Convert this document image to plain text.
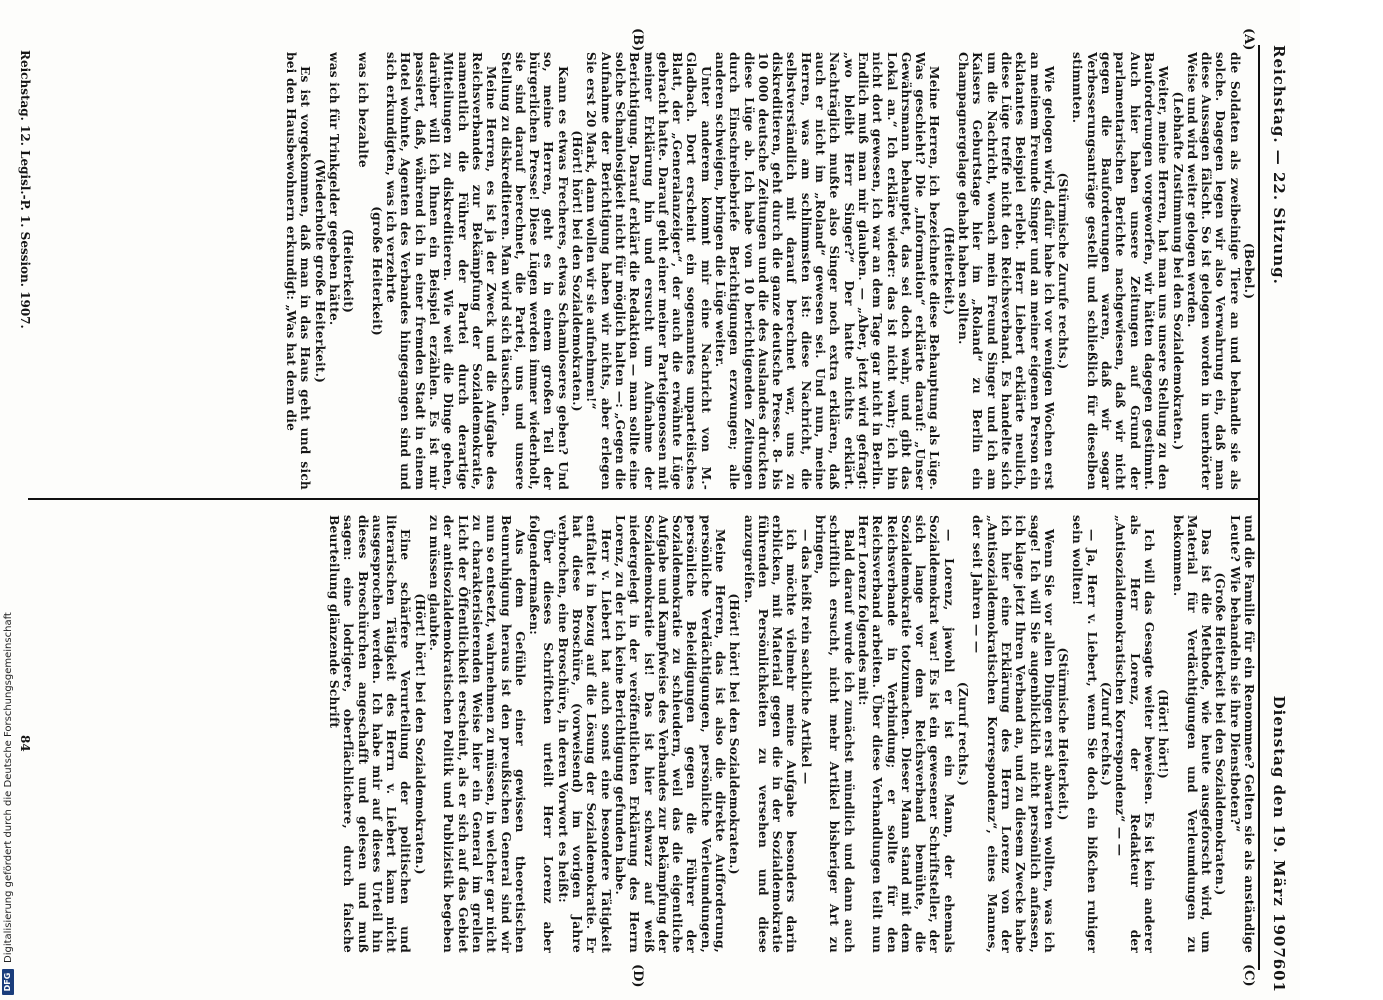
Reichstag. — 22. Sitzung.
Dienstag den 19. März 1907.
601
(A)
(C)
(B)
(D)

(Bebel.)

die Soldaten als zweibeinige Tiere an und behandle sie als solche. Dagegen legen wir also Verwahrung ein, daß man diese Aussagen fälscht. So ist gelogen worden in unerhörter Weise und wird weiter gelogen werden.

(Lebhafte Zustimmung bei den Sozialdemokraten.)

Weiter, meine Herren, hat man uns unsere Stellung zu den Bauforderungen vorgeworfen, wir hätten dagegen gestimmt. Auch hier haben unsere Zeitungen auf Grund der parlamentarischen Berichte nachgewiesen, daß wir nicht gegen die Bauforderungen waren, daß wir sogar Verbesserungsanträge gestellt und schließlich für dieselben stimmten.

(Stürmische Zurufe rechts.)

Wie gelogen wird, dafür habe ich vor wenigen Wochen erst an meinem Freunde Singer und an meiner eigenen Person ein eklatantes Beispiel erlebt. Herr Liebert erklärte neulich, diese Lüge treffe nicht den Reichsverband. Es handelte sich um die Nachricht, wonach mein Freund Singer und ich am Kaisers Geburtstage hier im „Roland“ zu Berlin ein Champagnergelage gehabt haben sollten.

(Heiterkeit.)

Meine Herren, ich bezeichnete diese Behauptung als Lüge. Was geschieht? Die „Information“ erklärte darauf: „Unser Gewährsmann behauptet, das sei doch wahr, und gibt das Lokal an.“ Ich erkläre wieder: das ist nicht wahr; ich bin nicht dort gewesen, ich war an dem Tage gar nicht in Berlin. Endlich muß man mir glauben. — „Aber, jetzt wird gefragt: „wo bleibt Herr Singer?“ Der hatte nichts erklärt. Nachträglich mußte also Singer noch extra erklären, daß auch er nicht im „Roland“ gewesen sei. Und nun, meine Herren, was am schlimmsten ist: diese Nachricht, die selbstverständlich mit darauf berechnet war, uns zu diskreditieren, geht durch die ganze deutsche Presse. 8- bis 10 000 deutsche Zeitungen und die des Auslandes druckten diese Lüge ab. Ich habe von 10 berichtigenden Zeitungen durch Einschreibebriefe Berichtigungen erzwungen; alle anderen schweigen, bringen die Lüge weiter.

Unter anderem kommt mir eine Nachricht von M.-Gladbach. Dort erscheint ein sogenanntes unparteiisches Blatt, der „Generalanzeiger“, der auch die erwähnte Lüge gebracht hatte. Darauf geht einer meiner Parteigenossen mit meiner Erklärung hin und ersucht um Aufnahme der Berichtigung. Darauf erklärt die Redaktion — man sollte eine solche Schamlosigkeit nicht für möglich halten —: „Gegen die Aufnahme der Berichtigung haben wir nichts, aber erlegen Sie erst 20 Mark, dann wollen wir sie aufnehmen!“

(Hört! hört! bei den Sozialdemokraten.)

Kann es etwas Frecheres, etwas Schamloseres geben? Und so, meine Herren, geht es in einem großen Teil der bürgerlichen Presse! Diese Lügen werden immer wiederholt, sie sind darauf berechnet, die Partei, uns und unsere Stellung zu diskreditieren. Man wird sich täuschen.

Meine Herren, es ist ja der Zweck und die Aufgabe des Reichsverbandes zur Bekämpfung der Sozialdemokratie, namentlich die Führer der Partei durch derartige Mitteilungen zu diskreditieren. Wie weit die Dinge gehen, darüber will ich Ihnen ein Beispiel erzählen. Es ist mir passiert, daß, während ich in einer fremden Stadt in einem Hotel wohnte, Agenten des Verbandes hingegangen sind und sich erkundigten, was ich verzehrte

(große Heiterkeit)

was ich bezahlte

(Heiterkeit)

was ich für Trinkgelder gegeben hätte.

(Wiederholte große Heiterkeit.)

Es ist vorgekommen, daß man in das Haus geht und sich bei den Hausbewohnern erkundigt: „Was hat denn die

und die Familie für ein Renommee? Gelten sie als anständige Leute? Wie behandeln sie ihre Dienstboten?“

(Große Heiterkeit bei den Sozialdemokraten.)

Das ist die Methode, wie heute ausgeforscht wird, um Material für Verdächtigungen und Verleumdungen zu bekommen.

(Hört! hört!)

Ich will das Gesagte weiter beweisen. Es ist kein anderer als Herr Lorenz, der Redakteur der „Antisozialdemokratischen Korrespondenz“ — —

(Zuruf rechts.)

— Ja, Herr v. Liebert, wenn Sie doch ein bißchen ruhiger sein wollten!

(Stürmische Heiterkeit.)

Wenn Sie vor allen Dingen erst abwarten wollten, was ich sage! Ich will Sie augenblicklich nicht persönlich anfassen, ich klage jetzt Ihren Verband an, und zu diesem Zwecke habe ich hier eine Erklärung des Herrn Lorenz von der „Antisozialdemokratischen Korrespondenz“, eines Mannes, der seit Jahren — —

(Zuruf rechts.)

— Lorenz, jawohl er ist ein Mann, der ehemals Sozialdemokrat war! Es ist ein gewesener Schriftsteller, der sich lange vor dem Reichsverband bemühte, die Sozialdemokratie totzumachen. Dieser Mann stand mit dem Reichsverbande in Verbindung; er sollte für den Reichsverband arbeiten. Über diese Verhandlungen teilt nun Herr Lorenz folgendes mit:

Bald darauf wurde ich zunächst mündlich und dann auch schriftlich ersucht, nicht mehr Artikel bisheriger Art zu bringen,

— das heißt rein sachliche Artikel —

ich möchte vielmehr meine Aufgabe besonders darin erblicken, mit Material gegen die in der Sozialdemokratie führenden Persönlichkeiten zu versehen und diese anzugreifen.

(Hört! hört! bei den Sozialdemokraten.)

Meine Herren, das ist also die direkte Aufforderung, persönliche Verdächtigungen, persönliche Verleumdungen, persönliche Beleidigungen gegen die Führer der Sozialdemokratie zu schleudern, weil das die eigentliche Aufgabe und Kampfweise des Verbandes zur Bekämpfung der Sozialdemokratie ist! Das ist hier schwarz auf weiß niedergelegt in der veröffentlichten Erklärung des Herrn Lorenz, zu der ich keine Berichtigung gefunden habe.

Herr v. Liebert hat auch sonst eine besondere Tätigkeit entfaltet in bezug auf die Lösung der Sozialdemokratie. Er hat diese Broschüre, (vorweisend) im vorigen Jahre verbrochen, eine Broschüre, in deren Vorwort es heißt:

Über dieses Schriftchen urteilt Herr Lorenz aber folgendermaßen:

Aus dem Gefühle einer gewissen theoretischen Beunruhigung heraus ist den preußischen General sind wir nun so entsetzt, wahrnehmen zu müssen, in welcher gar nicht zu charakterisierenden Weise hier ein General im grellen Licht der Öffentlichkeit erscheint, als er sich auf das Gebiet der antisozialdemokratischen Politik und Publizistik begeben zu müssen glaubte.

(Hört! hört! bei den Sozialdemokraten.)

Eine schärfere Verurteilung der politischen und literarischen Tätigkeit des Herrn v. Liebert kann nicht ausgesprochen werden. Ich habe mir auf dieses Urteil hin dieses Broschürchen angeschafft und gelesen und muß sagen: eine lodrigere, oberflächlichere, durch falsche Beurteilung glänzende Schrift

Reichstag. 12. Legisl.-P. 1. Session. 1907.
84
DFG
Digitalisierung gefördert durch die Deutsche Forschungsgemeinschaft
